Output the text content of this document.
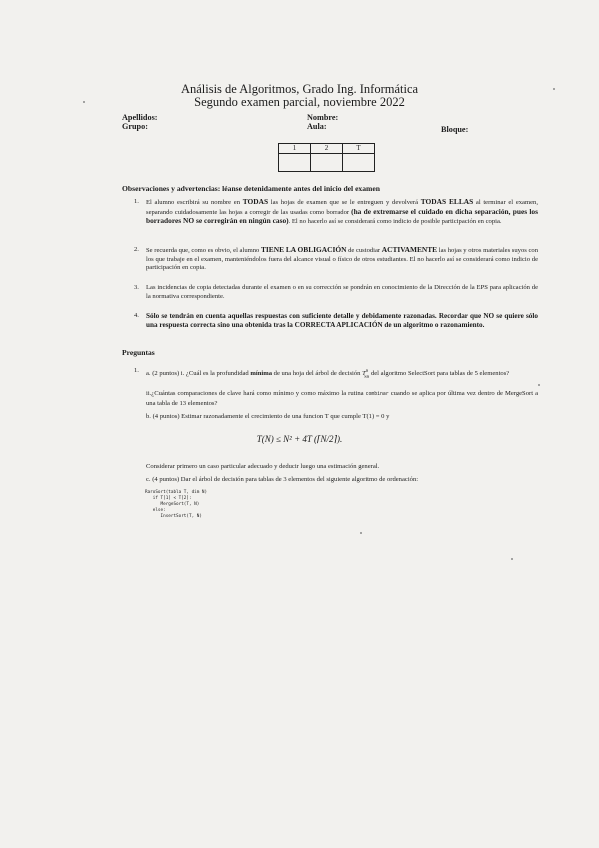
Análisis de Algoritmos, Grado Ing. Informática
Segundo examen parcial, noviembre 2022
Apellidos:
Grupo:
Nombre:
Aula:	Bloque:
1	2	T

Observaciones y advertencias: léanse detenidamente antes del inicio del examen
1. El alumno escribirá su nombre en TODAS las hojas de examen que se le entreguen y devolverá TODAS ELLAS al terminar el examen, separando cuidadosamente las hojas a corregir de las usadas como borrador (ha de extremarse el cuidado en dicha separación, pues los borradores NO se corregirán en ningún caso). El no hacerlo así se considerará como indicio de posible participación en copia.
2. Se recuerda que, como es obvio, el alumno TIENE LA OBLIGACIÓN de custodiar ACTIVAMENTE las hojas y otros materiales suyos con los que trabaje en el examen, manteniéndolos fuera del alcance visual o físico de otros estudiantes. El no hacerlo así se considerará como indicio de participación en copia.
3. Las incidencias de copia detectadas durante el examen o en su corrección se pondrán en conocimiento de la Dirección de la EPS para aplicación de la normativa correspondiente.
4. Sólo se tendrán en cuenta aquellas respuestas con suficiente detalle y debidamente razonadas. Recordar que NO se quiere sólo una respuesta correcta sino una obtenida tras la CORRECTA APLICACIÓN de un algoritmo o razonamiento.
Preguntas
1. a. (2 puntos) i. ¿Cuál es la profundidad mínima de una hoja del árbol de decisión $T^S_{SS}$ del algoritmo SelectSort para tablas de 5 elementos?
ii.¿Cuántas comparaciones de clave hará como mínimo y como máximo la rutina combinar cuando se aplica por última vez dentro de MergeSort a una tabla de 13 elementos?
b. (4 puntos) Estimar razonadamente el crecimiento de una funcion T que cumple T(1) = 0 y
T(N) ≤ N² + 4T (⌈N/2⌉).
Considerar primero un caso particular adecuado y deducir luego una estimación general.
c. (4 puntos) Dar el árbol de decisión para tablas de 3 elementos del siguiente algoritmo de ordenación:
RaroSort(tabla T, dim N)
if T[1] < T[2]:
MergeSort(T, N)
else:
InsertSort(T, N)
